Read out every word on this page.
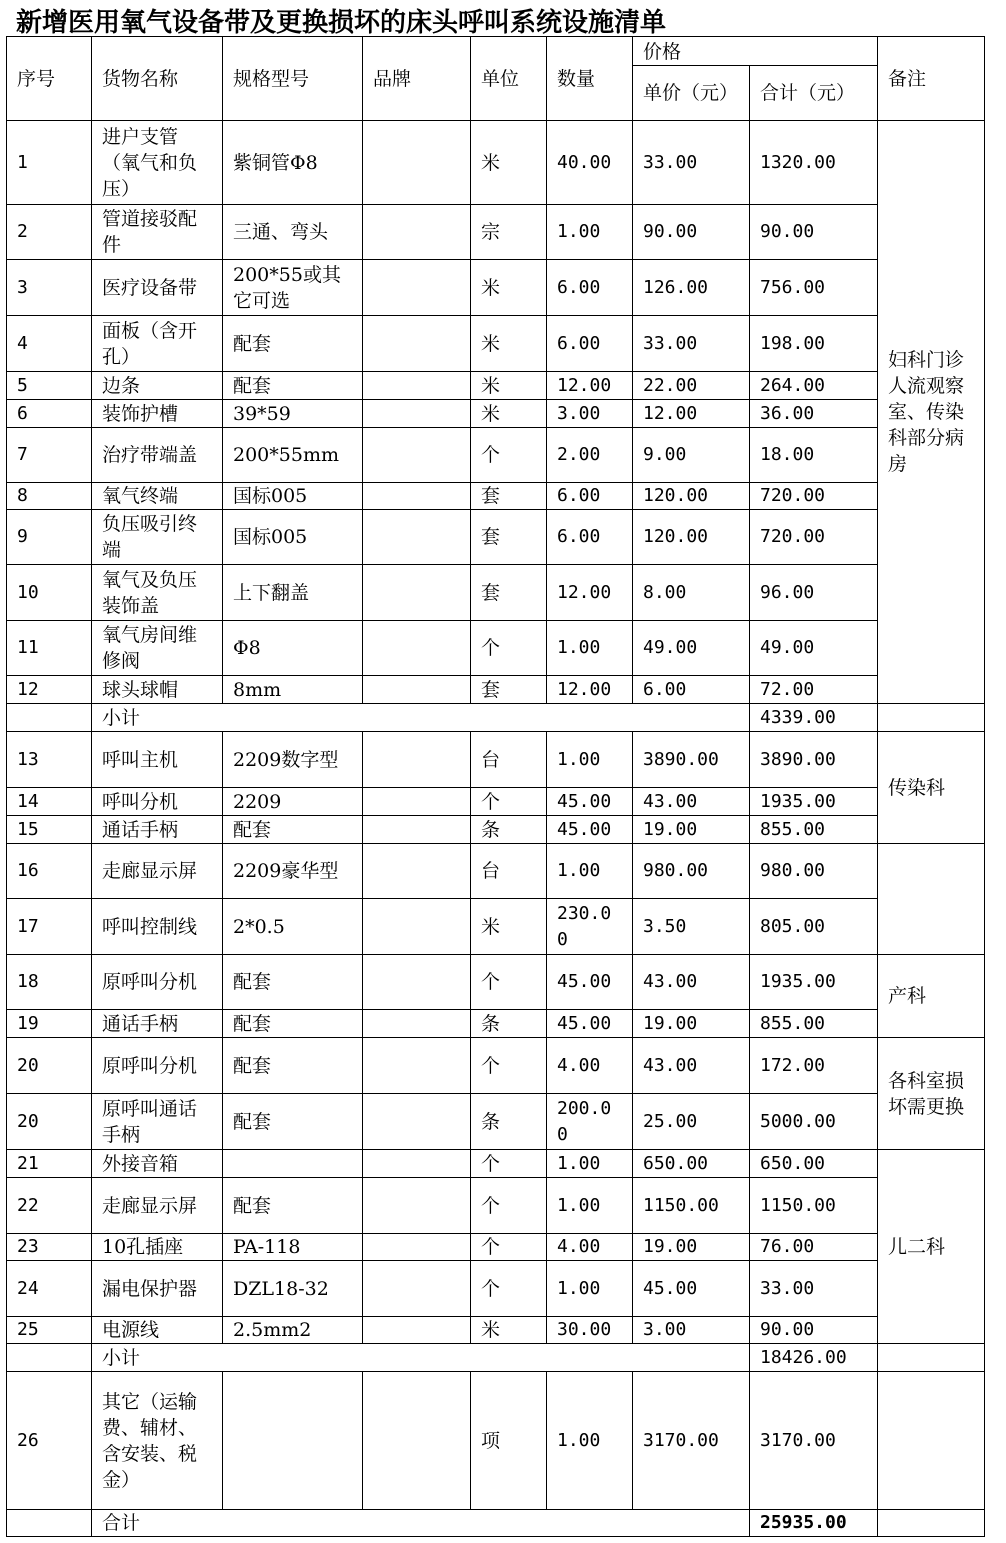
新增医用氧气设备带及更换损坏的床头呼叫系统设施清单
序号	货物名称	规格型号	品牌	单位	数量	价格		备注
						单价（元）	合计（元）	
1	进户支管（氧气和负压）	紫铜管Φ8		米	40.00	33.00	1320.00	妇科门诊人流观察室、传染科部分病房
2	管道接驳配件	三通、弯头		宗	1.00	90.00	90.00	
3	医疗设备带	200*55或其它可选		米	6.00	126.00	756.00	
4	面板（含开孔）	配套		米	6.00	33.00	198.00	
5	边条	配套		米	12.00	22.00	264.00	
6	装饰护槽	39*59		米	3.00	12.00	36.00	
7	治疗带端盖	200*55mm		个	2.00	9.00	18.00	
8	氧气终端	国标005		套	6.00	120.00	720.00	
9	负压吸引终端	国标005		套	6.00	120.00	720.00	
10	氧气及负压装饰盖	上下翻盖		套	12.00	8.00	96.00	
11	氧气房间维修阀	Φ8		个	1.00	49.00	49.00	
12	球头球帽	8mm		套	12.00	6.00	72.00	
	小计						4339.00	
13	呼叫主机	2209数字型		台	1.00	3890.00	3890.00	传染科
14	呼叫分机	2209		个	45.00	43.00	1935.00	
15	通话手柄	配套		条	45.00	19.00	855.00	
16	走廊显示屏	2209豪华型		台	1.00	980.00	980.00	
17	呼叫控制线	2*0.5		米	230.00	3.50	805.00	
18	原呼叫分机	配套		个	45.00	43.00	1935.00	产科
19	通话手柄	配套		条	45.00	19.00	855.00	
20	原呼叫分机	配套		个	4.00	43.00	172.00	各科室损坏需更换
20	原呼叫通话手柄	配套		条	200.00	25.00	5000.00	
21	外接音箱			个	1.00	650.00	650.00	儿二科
22	走廊显示屏	配套		个	1.00	1150.00	1150.00	
23	10孔插座	PA-118		个	4.00	19.00	76.00	
24	漏电保护器	DZL18-32		个	1.00	45.00	33.00	
25	电源线	2.5mm2		米	30.00	3.00	90.00	
	小计						18426.00	
26	其它（运输费、辅材、含安装、税金）			项	1.00	3170.00	3170.00	
	合计						25935.00	
